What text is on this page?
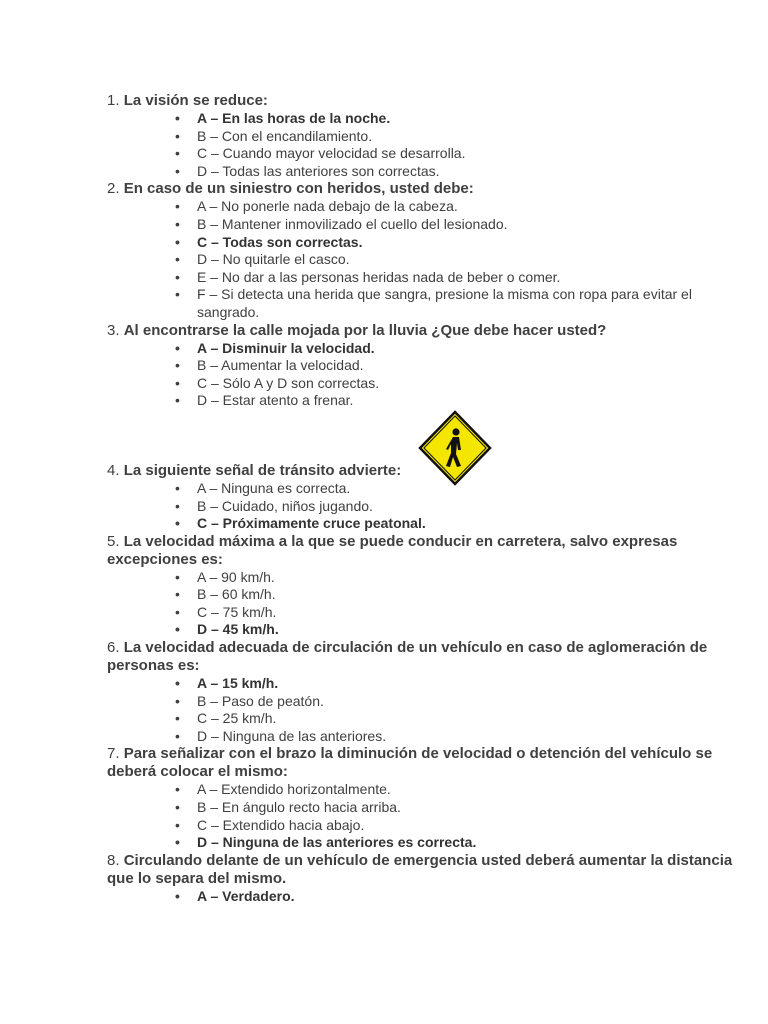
1. La visión se reduce:

• A – En las horas de la noche.
• B – Con el encandilamiento.
• C – Cuando mayor velocidad se desarrolla.
• D – Todas las anteriores son correctas.

2. En caso de un siniestro con heridos, usted debe:

• A – No ponerle nada debajo de la cabeza.
• B – Mantener inmovilizado el cuello del lesionado.
• C – Todas son correctas.
• D – No quitarle el casco.
• E – No dar a las personas heridas nada de beber o comer.
• F – Si detecta una herida que sangra, presione la misma con ropa para evitar el sangrado.

3. Al encontrarse la calle mojada por la lluvia ¿Que debe hacer usted?

• A – Disminuir la velocidad.
• B – Aumentar la velocidad.
• C – Sólo A y D son correctas.
• D – Estar atento a frenar.

4. La siguiente señal de tránsito advierte:

• A – Ninguna es correcta.
• B – Cuidado, niños jugando.
• C – Próximamente cruce peatonal.

5. La velocidad máxima a la que se puede conducir en carretera, salvo expresas excepciones es:

• A – 90 km/h.
• B – 60 km/h.
• C – 75 km/h.
• D – 45 km/h.

6. La velocidad adecuada de circulación de un vehículo en caso de aglomeración de personas es:

• A – 15 km/h.
• B – Paso de peatón.
• C – 25 km/h.
• D – Ninguna de las anteriores.

7. Para señalizar con el brazo la diminución de velocidad o detención del vehículo se deberá colocar el mismo:

• A – Extendido horizontalmente.
• B – En ángulo recto hacia arriba.
• C – Extendido hacia abajo.
• D – Ninguna de las anteriores es correcta.

8. Circulando delante de un vehículo de emergencia usted deberá aumentar la distancia que lo separa del mismo.

• A – Verdadero.
